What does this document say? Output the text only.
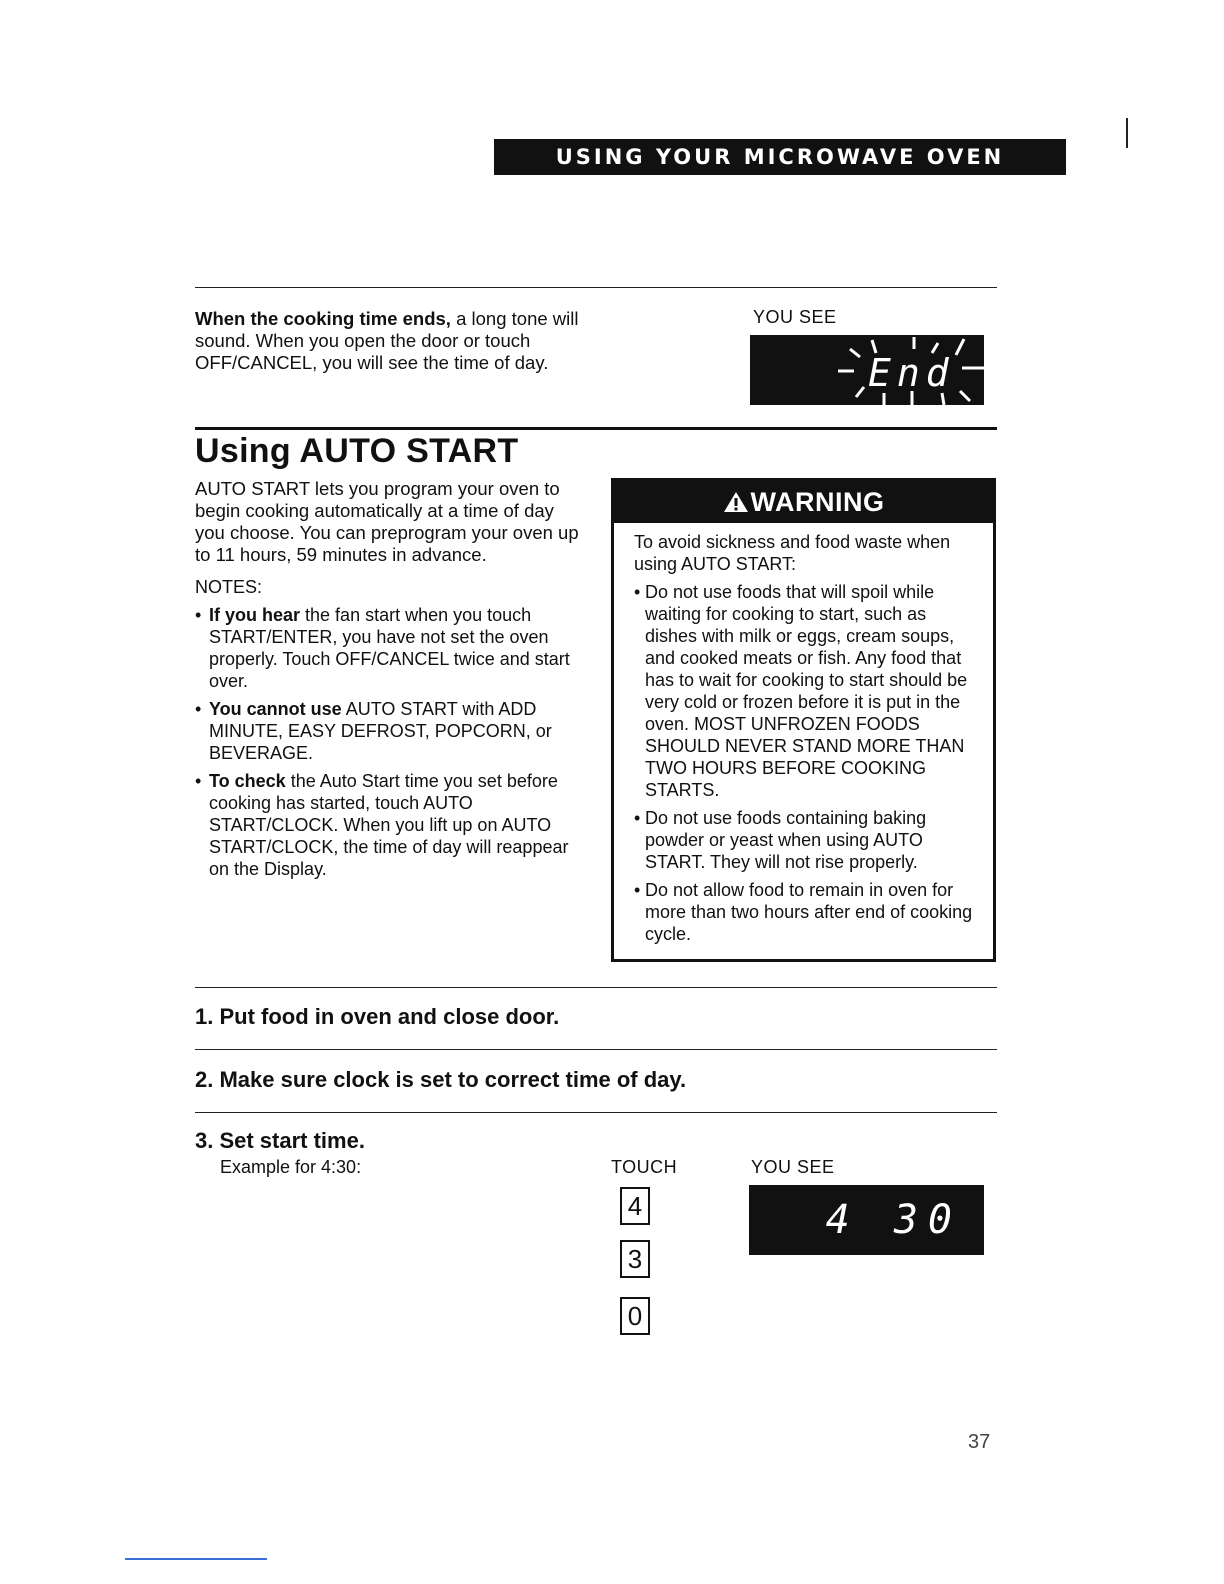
USING YOUR MICROWAVE OVEN
When the cooking time ends, a long tone will sound. When you open the door or touch OFF/CANCEL, you will see the time of day.
YOU SEE
End
Using AUTO START
AUTO START lets you program your oven to begin cooking automatically at a time of day you choose. You can preprogram your oven up to 11 hours, 59 minutes in advance.
NOTES:
• If you hear the fan start when you touch START/ENTER, you have not set the oven properly. Touch OFF/CANCEL twice and start over.
• You cannot use AUTO START with ADD MINUTE, EASY DEFROST, POPCORN, or BEVERAGE.
• To check the Auto Start time you set before cooking has started, touch AUTO START/CLOCK. When you lift up on AUTO START/CLOCK, the time of day will reappear on the Display.
WARNING
To avoid sickness and food waste when using AUTO START:
• Do not use foods that will spoil while waiting for cooking to start, such as dishes with milk or eggs, cream soups, and cooked meats or fish. Any food that has to wait for cooking to start should be very cold or frozen before it is put in the oven. MOST UNFROZEN FOODS SHOULD NEVER STAND MORE THAN TWO HOURS BEFORE COOKING STARTS.
• Do not use foods containing baking powder or yeast when using AUTO START. They will not rise properly.
• Do not allow food to remain in oven for more than two hours after end of cooking cycle.
1. Put food in oven and close door.
2. Make sure clock is set to correct time of day.
3. Set start time.
Example for 4:30:	TOUCH	YOU SEE
4
3
0
4 30
37
